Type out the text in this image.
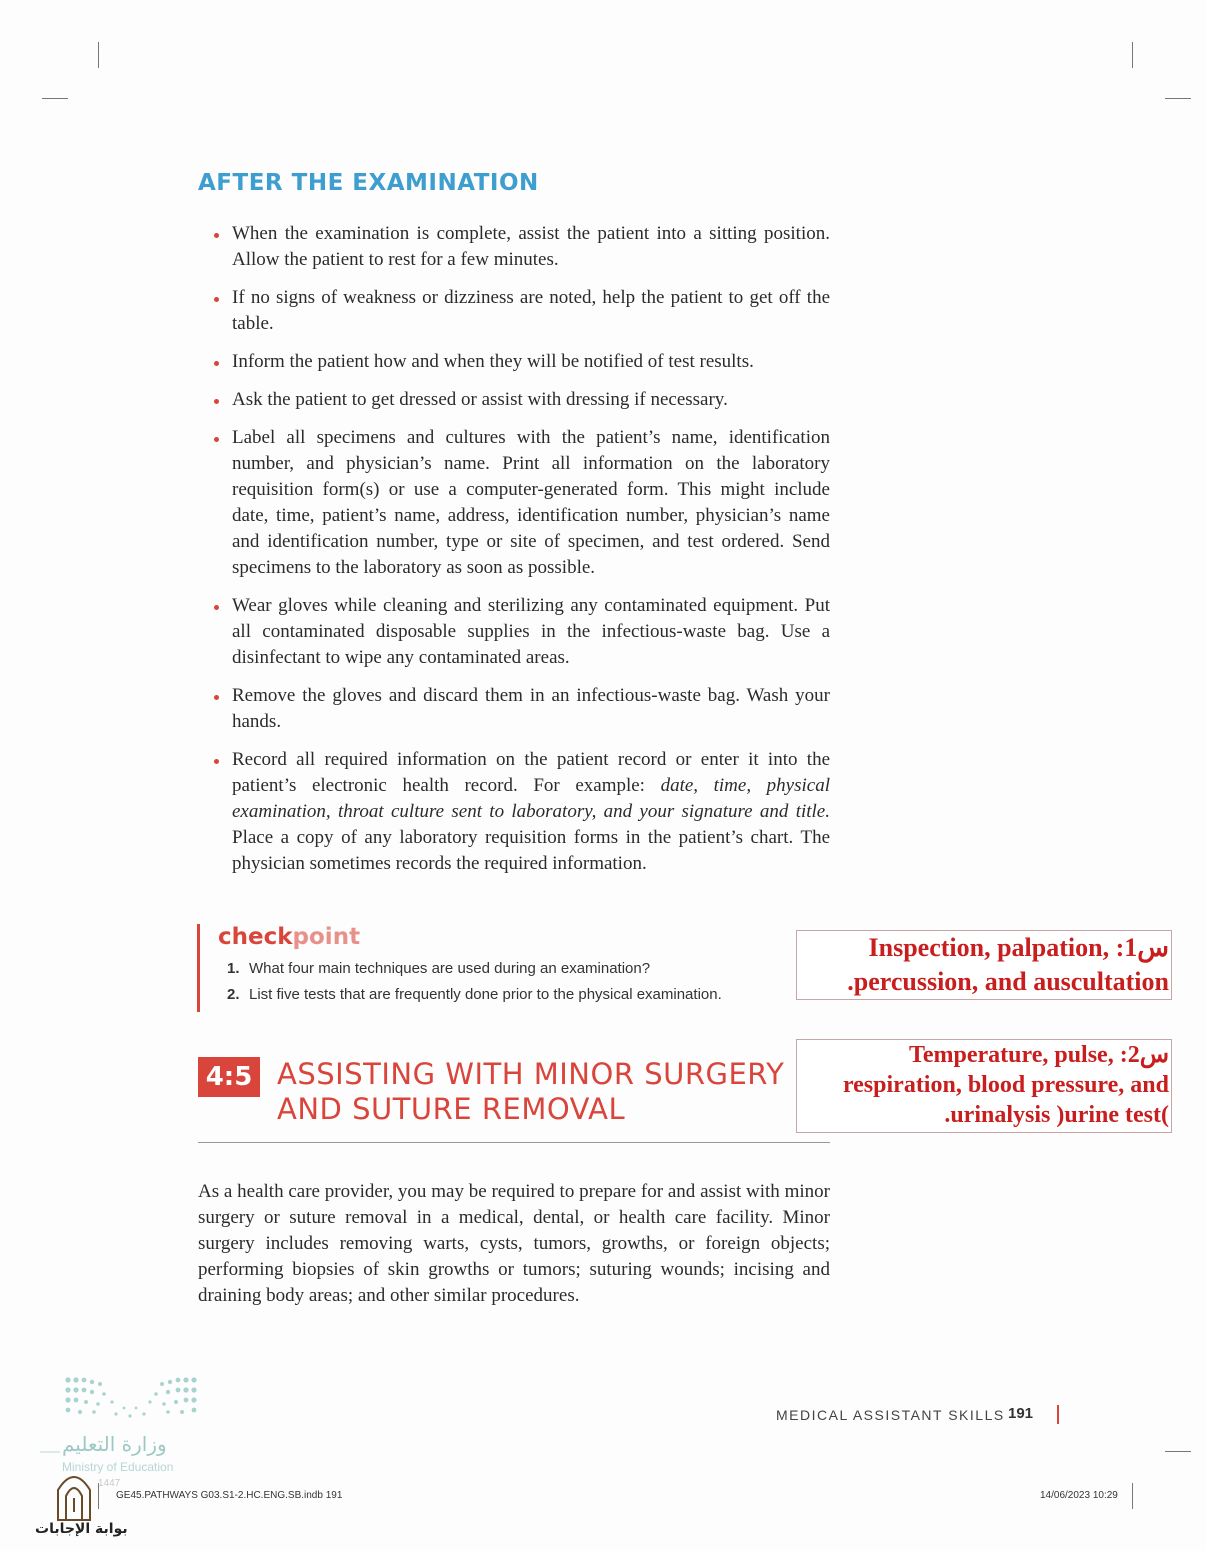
AFTER THE EXAMINATION
When the examination is complete, assist the patient into a sitting position. Allow the patient to rest for a few minutes.
If no signs of weakness or dizziness are noted, help the patient to get off the table.
Inform the patient how and when they will be notified of test results.
Ask the patient to get dressed or assist with dressing if necessary.
Label all specimens and cultures with the patient’s name, identification number, and physician’s name. Print all information on the laboratory requisition form(s) or use a computer-generated form. This might include date, time, patient’s name, address, identification number, physician’s name and identification number, type or site of specimen, and test ordered. Send specimens to the laboratory as soon as possible.
Wear gloves while cleaning and sterilizing any contaminated equipment. Put all contaminated disposable supplies in the infectious-waste bag. Use a disinfectant to wipe any contaminated areas.
Remove the gloves and discard them in an infectious-waste bag. Wash your hands.
Record all required information on the patient record or enter it into the patient’s electronic health record. For example: date, time, physical examination, throat culture sent to laboratory, and your signature and title. Place a copy of any laboratory requisition forms in the patient’s chart. The physician sometimes records the required information.
checkpoint
1. What four main techniques are used during an examination?
2. List five tests that are frequently done prior to the physical examination.
Inspection, palpation, :1س
.percussion, and auscultation
Temperature, pulse, :2س
respiration, blood pressure, and
.urinalysis )urine test(
4:5 ASSISTING WITH MINOR SURGERY
AND SUTURE REMOVAL

As a health care provider, you may be required to prepare for and assist with minor surgery or suture removal in a medical, dental, or health care facility. Minor surgery includes removing warts, cysts, tumors, growths, or foreign objects; performing biopsies of skin growths or tumors; suturing wounds; incising and draining body areas; and other similar procedures.

MEDICAL ASSISTANT SKILLS 191
GE45.PATHWAYS G03.S1-2.HC.ENG.SB.indb 191	14/06/2023 10:29
وزارة التعليم
Ministry of Education
1447
بوابة الإجابات
